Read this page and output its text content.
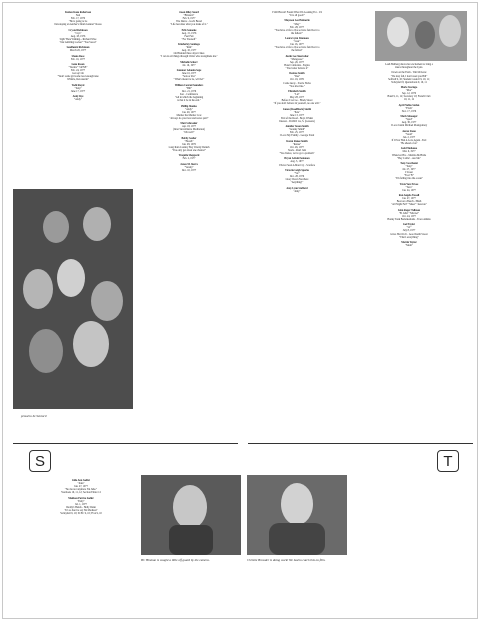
Station Kane Robertson
Ned
Feb. 17, 1976
"He is going to be
Developing an Anchor's Drum Gunner" Rossa
Crystal Robinson
"Crys"
Aug. 18, 1976
Sigh? Here Wishing... Richard Wise
"Our Ambling Locker" "You Sweet"
Sondhentz Richtman
March 26, 1977
Shana Rose
Feb. 16, 1977
Gene Rosen
"Worms" "GENE"
Feb. 24, 1977
Get up! On
"Won't some girl some load enough take
Whistle, Ren Austin"
Todd Royal
"Tony"
June 17, 1977
Andy Rye
"Andy"
Jason Riley Suard
"Blizzard"
Feb. 9, 1977
The Dance - God's Bread
"Life becomes what you make of it."
Erik Semonie
Aug. 15, 1976
Feel Fair
"For Yourself"
Kimberley Santiago
"Kim"
Aug. 10, 1977
On Blended three days it likes
"I can do all things through Christ who strengthens me."
Michelle Scharr
Jul. 16, 1977
Summer Lelanda Sege
June 16, 1977
"Sela or Pea"
"What's meant to be, will be!"
William Conrad Saunders
"Bill"
Dec. 21, 1976
Kac - Confidence
"All in which the beginning
is that it be in the end."
Phillip Shanks
"Andy"
Jan. 20, 1977
Murder the Murder Cow
"Always do your best and never quit!"
Matt Schroeder
Apr. 18, 1977
(Inter Surveillance Meditation)
"Oh well!"
Bobby Seeber
"Hoosh"
Jun. 28, 1976
Long Rain Country Boy Chordy Danish
"You only get about one chance!"
Trequila Sheppard
Feb. 2, 1977
Jaxon M. Sierra
"Varsity"
Dec. 10, 1977
I Still Haven't Found What I'm Looking For - U2
"It is all good!"
Mayeson Lee Holmerle
"May"
Feb. 28, 1977
"You have a life to live so have fun/live it to
the fullest!"
Laura Lynn Simmons
"Laur"
Jan. 16, 1977
"You have a life to live so have fun/live it to
the fullest"
Justin Lee Skornshar
"Mongoose"
Sep. 26, 1977
Hotel California - Eagles
"You better believe it"
Desiree Smith
"Des"
Oct. 19, 1976
Come Away - Stevie Nicks
"You tried me."
Elizabeth Smith
"Liz"
May 28, 1977
Before I Let Go - Black Street
"If you don't believe in yourself, no one will."
James (Roadblock) Smith
"Pete"
June 13, 1977
End of the Road - Boyz II Men
Interest - D.MAY 1A, S. (Lessons)
Jennifer Susan Smith
"Granny Smith"
Feb. 25, 1977
I Love My Family - George Strait
Karen Renee Smith
"Renee"
Oct. 26, 1977
Stuck - Pearl Jam
"We chance, we've got a problem"
Bryan Lebold Solomon
Aug. 3, 1977
I Never Seen A Man Cry - Scarface
Victoria Leigh Sparks
"Vic"
Dec. 28, 1976
Glory Down Nowhere
"Anything!"
Amy Lynn Stafford
"Amy"
Leah Haltberg shows her excitement to bring a
dance throughout the Lynx.
Down on the Farm - Tim McGraw
"We may fall, I don't need you Bill"
Softball 9, 10; Student Council 9, 10, 11;
Volleyball 9; Quarterback 9, 10, 11
Marie Storiago
"Mor"
Sep. 12, 1976
Band 9, 11, 12; Secretary 10; French Club
10, 11, 12
April Nellas Stefan
"Frick"
Nov. 17, 1976
Mark Stinoeger
"Spud"
Aug. 30, 1977
I Love Justin Michael Montgomery
Aaron Stone
"Stoni"
Jan. 2, 1977
If I Ever Had A Love Again - Earl
"Be ahead of us"
Josh Elmhause
Mar. 6, 1977
Whatever Bro - Martina McBride
"Hey Cattle! - Are Me"
Tony Swarhaski
"Tony"
Jul. 27, 1977
I Sweat
"Fool 'Fi"
"I'm falling into the ocean"
Tavia Yore Tevoe
"Tavo"
Jan. 24, 1977
Ron Angelo Tassell
Jan. 27, 1977
Boat on a Beach - Phish
"All Night Fall" "Sheet" "Anowie"
John Roger Tallman
"El John" "Micawi"
Oct. 24, 1977
Honky Tonk Badonkadonk - Trace Adkins
Joel Taylor
"Ur"
July 8, 1977
Gives Her On It - Good Keith Sweat
"That's everything"
Martin Taylor
"Mom"
proud to be Seniors!
S	T
Julie Ann Sadler
"Jules"
Jun. 27, 1977
"No me not anymore I'm Julie."
Yearbook 10, 11, 12; Section Editor 12
Madison Patrice Sadler
"Patty"
Jul. 1, 1977
Daddy's Hands - Holly Dunn
"It's so hard to say I'm Madison"
Volleyball 9, 10; SCEC 9, 10; FCA 9, 10
BC Hinman is caught a little off guard by the camera.	Christie Browder is doing work! We had to catch this on film.
